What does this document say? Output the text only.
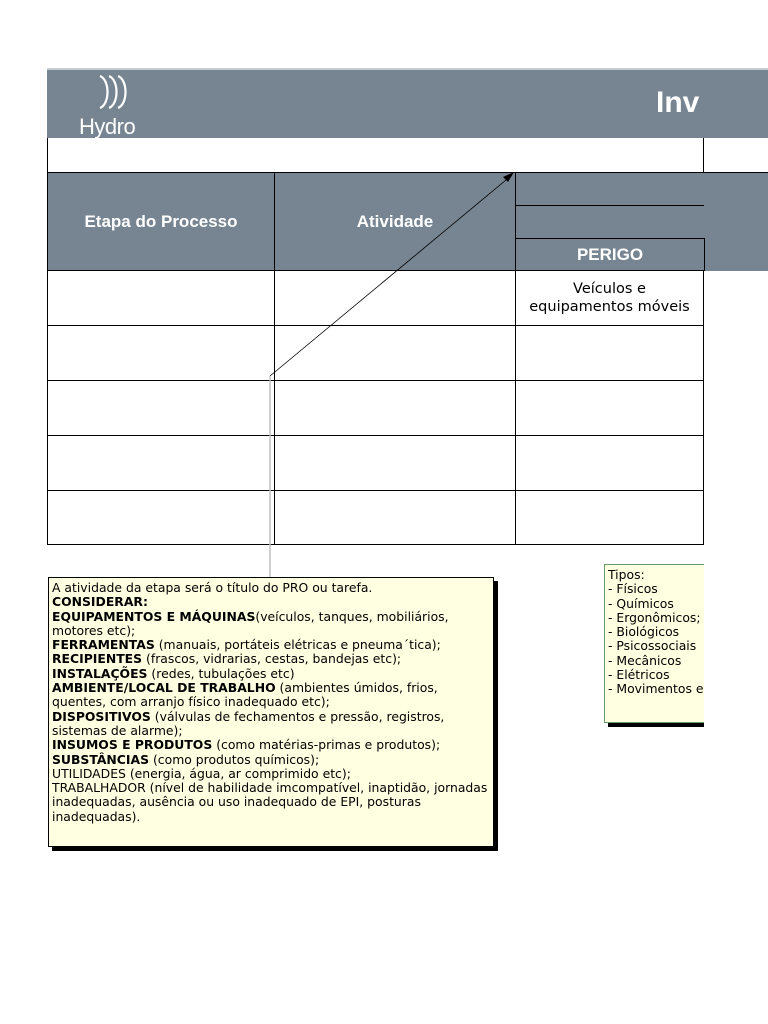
Hydro
Inv
Etapa do Processo	Atividade
PERIGO
Veículos e equipamentos móveis
A atividade da etapa será o título do PRO ou tarefa.
CONSIDERAR:
EQUIPAMENTOS E MÁQUINAS(veículos, tanques, mobiliários, motores etc);
FERRAMENTAS (manuais, portáteis elétricas e pneuma´tica);
RECIPIENTES (frascos, vidrarias, cestas, bandejas etc);
INSTALAÇÕES (redes, tubulações etc)
AMBIENTE/LOCAL DE TRABALHO (ambientes úmidos, frios, quentes, com arranjo físico inadequado etc);
DISPOSITIVOS (válvulas de fechamentos e pressão, registros, sistemas de alarme);
INSUMOS E PRODUTOS (como matérias-primas e produtos);
SUBSTÂNCIAS (como produtos químicos);
UTILIDADES (energia, água, ar comprimido etc);
TRABALHADOR (nível de habilidade imcompatível, inaptidão, jornadas inadequadas, ausência ou uso inadequado de EPI, posturas inadequadas).
Tipos:
- Físicos
- Químicos
- Ergonômicos;
- Biológicos
- Psicossociais
- Mecânicos
- Elétricos
- Movimentos e
